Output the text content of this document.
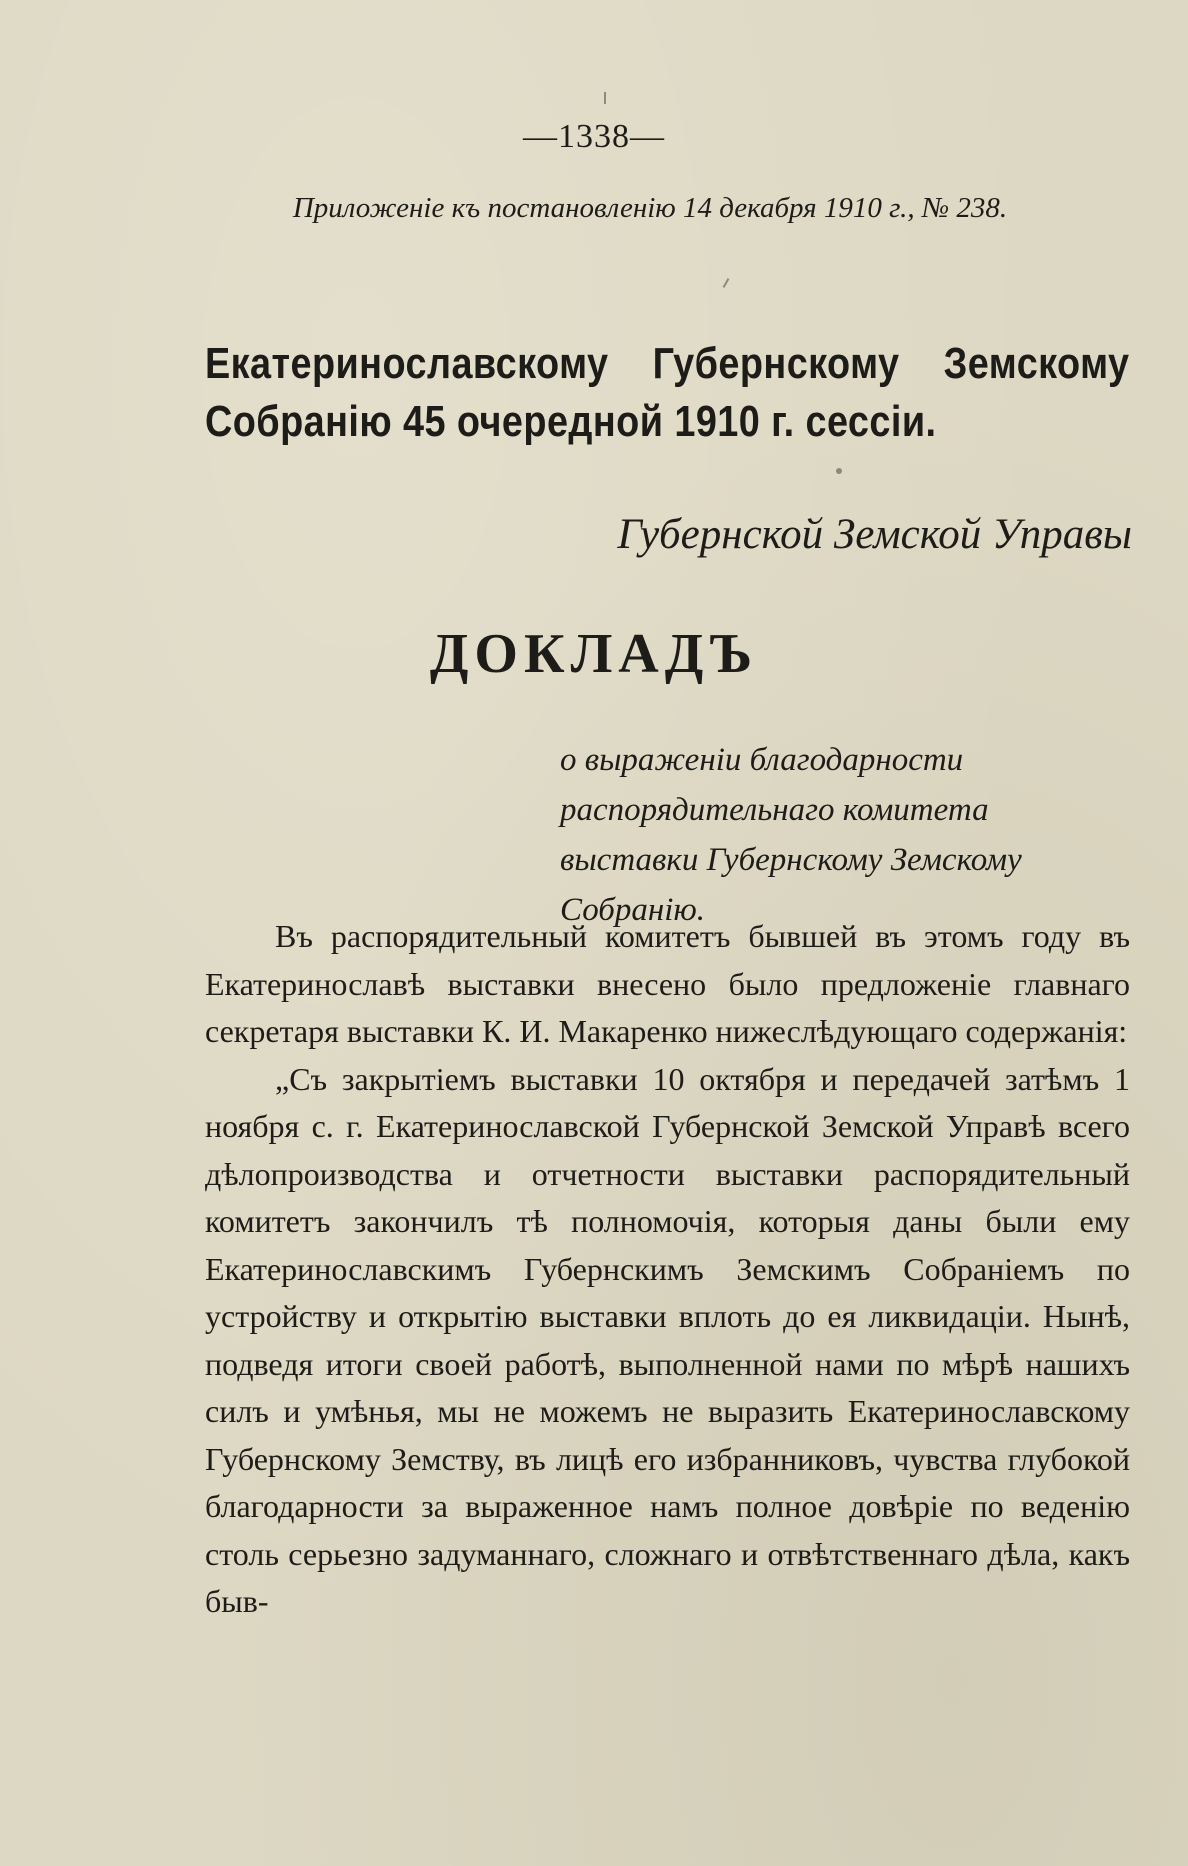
—1338—
Приложеніе къ постановленію 14 декабря 1910 г., № 238.
Екатеринославскому Губернскому Земскому Собранію 45 очередной 1910 г. сессіи.
Губернской Земской Управы
ДОКЛАДЪ
о выраженіи благодарности распорядительнаго комитета выставки Губернскому Земскому Собранію.

Въ распорядительный комитетъ бывшей въ этомъ году въ Екатеринославѣ выставки внесено было предложеніе главнаго секретаря выставки К. И. Макаренко нижеслѣдующаго содержанія:

„Съ закрытіемъ выставки 10 октября и передачей затѣмъ 1 ноября с. г. Екатеринославской Губернской Земской Управѣ всего дѣлопроизводства и отчетности выставки распорядительный комитетъ закончилъ тѣ полномочія, которыя даны были ему Екатеринославскимъ Губернскимъ Земскимъ Собраніемъ по устройству и открытію выставки вплоть до ея ликвидаціи. Нынѣ, подведя итоги своей работѣ, выполненной нами по мѣрѣ нашихъ силъ и умѣнья, мы не можемъ не выразить Екатеринославскому Губернскому Земству, въ лицѣ его избранниковъ, чувства глубокой благодарности за выраженное намъ полное довѣріе по веденію столь серьезно задуманнаго, сложнаго и отвѣтственнаго дѣла, какъ быв-
